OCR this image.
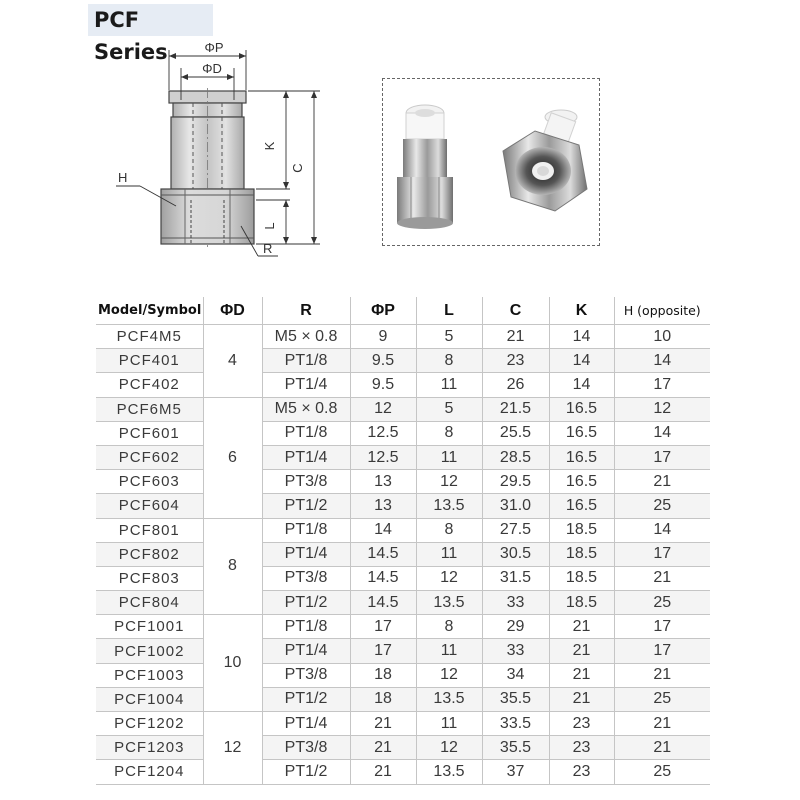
PCF Series	ΦP
ΦD
K
C
L
H
R
Model/Symbol	ΦD	R	ΦP	L	C	K	H (opposite)
PCF4M5	4	M5 × 0.8	9	5	21	14	10
PCF401		PT1/8	9.5	8	23	14	14
PCF402		PT1/4	9.5	11	26	14	17
PCF6M5	6	M5 × 0.8	12	5	21.5	16.5	12
PCF601		PT1/8	12.5	8	25.5	16.5	14
PCF602		PT1/4	12.5	11	28.5	16.5	17
PCF603		PT3/8	13	12	29.5	16.5	21
PCF604		PT1/2	13	13.5	31.0	16.5	25
PCF801	8	PT1/8	14	8	27.5	18.5	14
PCF802		PT1/4	14.5	11	30.5	18.5	17
PCF803		PT3/8	14.5	12	31.5	18.5	21
PCF804		PT1/2	14.5	13.5	33	18.5	25
PCF1001	10	PT1/8	17	8	29	21	17
PCF1002		PT1/4	17	11	33	21	17
PCF1003		PT3/8	18	12	34	21	21
PCF1004		PT1/2	18	13.5	35.5	21	25
PCF1202	12	PT1/4	21	11	33.5	23	21
PCF1203		PT3/8	21	12	35.5	23	21
PCF1204		PT1/2	21	13.5	37	23	25
